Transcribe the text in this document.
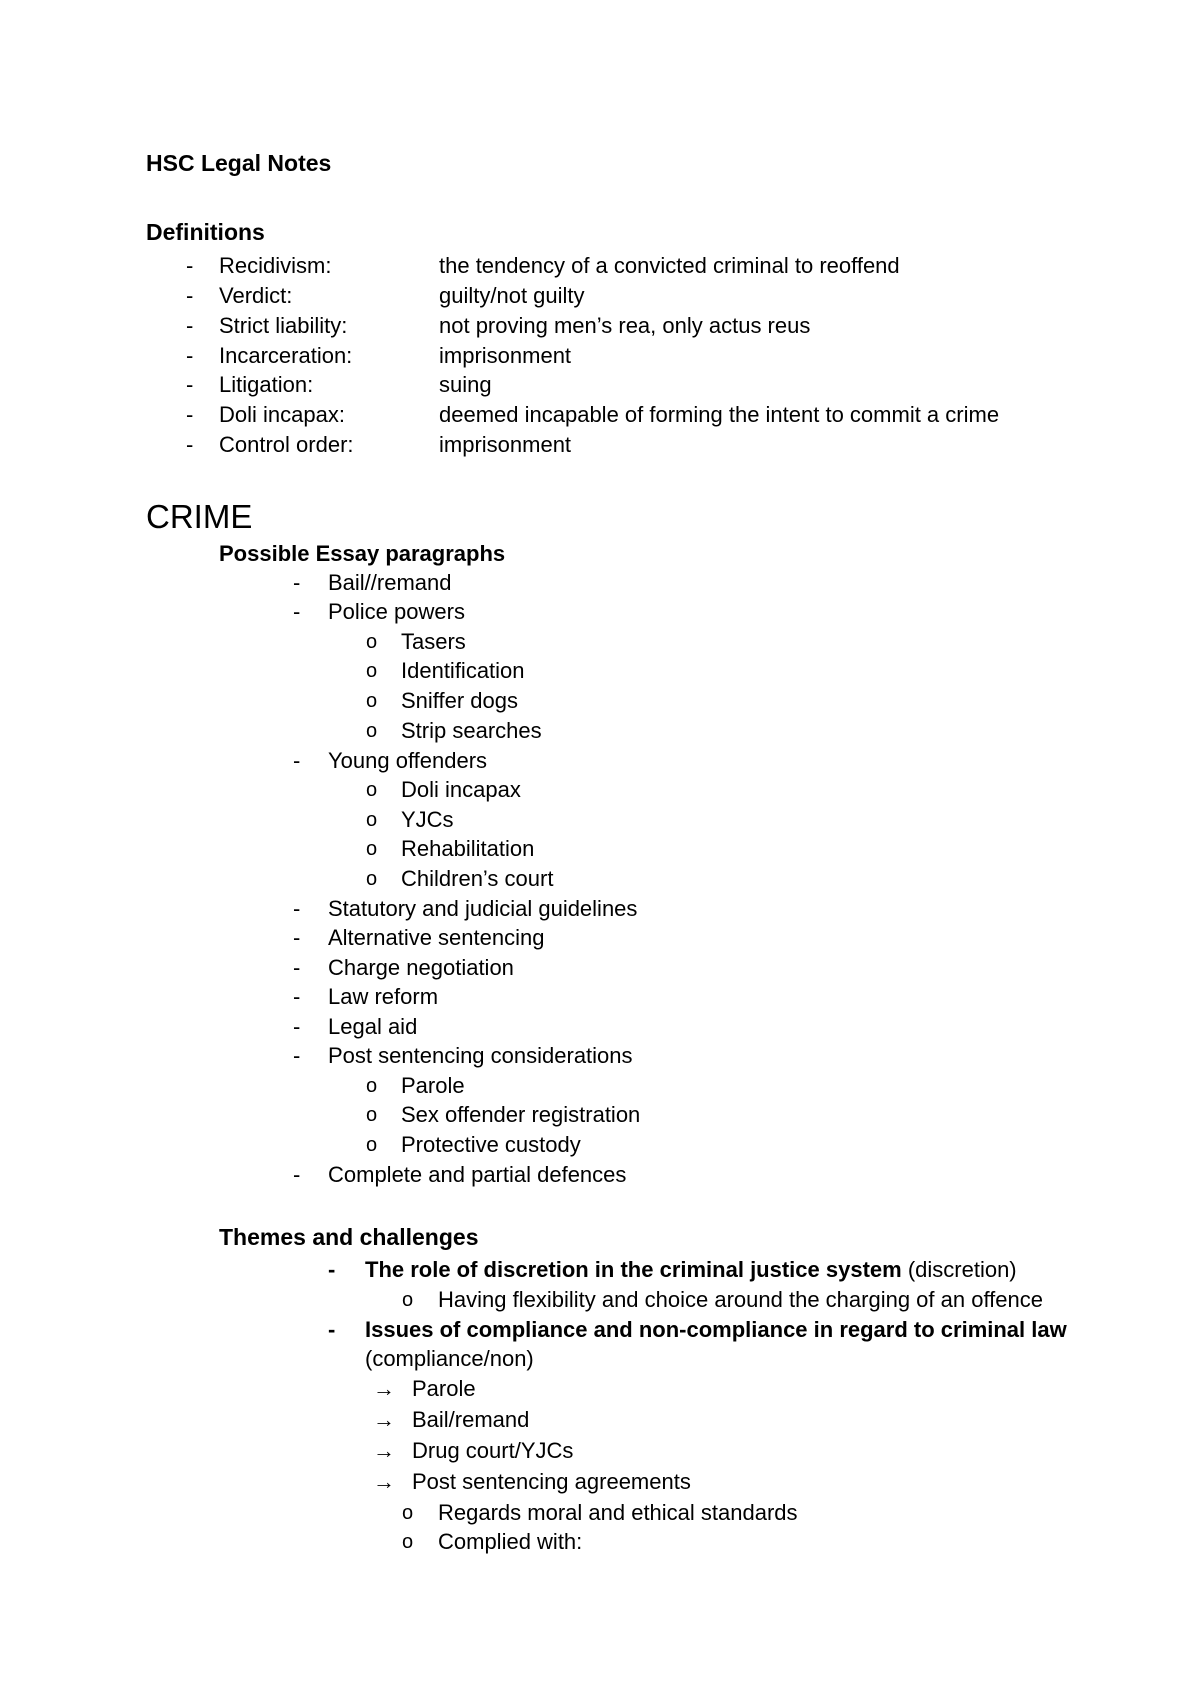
HSC Legal Notes
Definitions
- Recidivism:	the tendency of a convicted criminal to reoffend
- Verdict:	guilty/not guilty
- Strict liability:	not proving men’s rea, only actus reus
- Incarceration:	imprisonment
- Litigation:	suing
- Doli incapax:	deemed incapable of forming the intent to commit a crime
- Control order:	imprisonment
CRIME
Possible Essay paragraphs
- Bail//remand
- Police powers
o Tasers
o Identification
o Sniffer dogs
o Strip searches
- Young offenders
o Doli incapax
o YJCs
o Rehabilitation
o Children’s court
- Statutory and judicial guidelines
- Alternative sentencing
- Charge negotiation
- Law reform
- Legal aid
- Post sentencing considerations
o Parole
o Sex offender registration
o Protective custody
- Complete and partial defences
Themes and challenges
- The role of discretion in the criminal justice system (discretion)
o Having flexibility and choice around the charging of an offence
- Issues of compliance and non-compliance in regard to criminal law
(compliance/non)
→ Parole
→ Bail/remand
→ Drug court/YJCs
→ Post sentencing agreements
o Regards moral and ethical standards
o Complied with:
